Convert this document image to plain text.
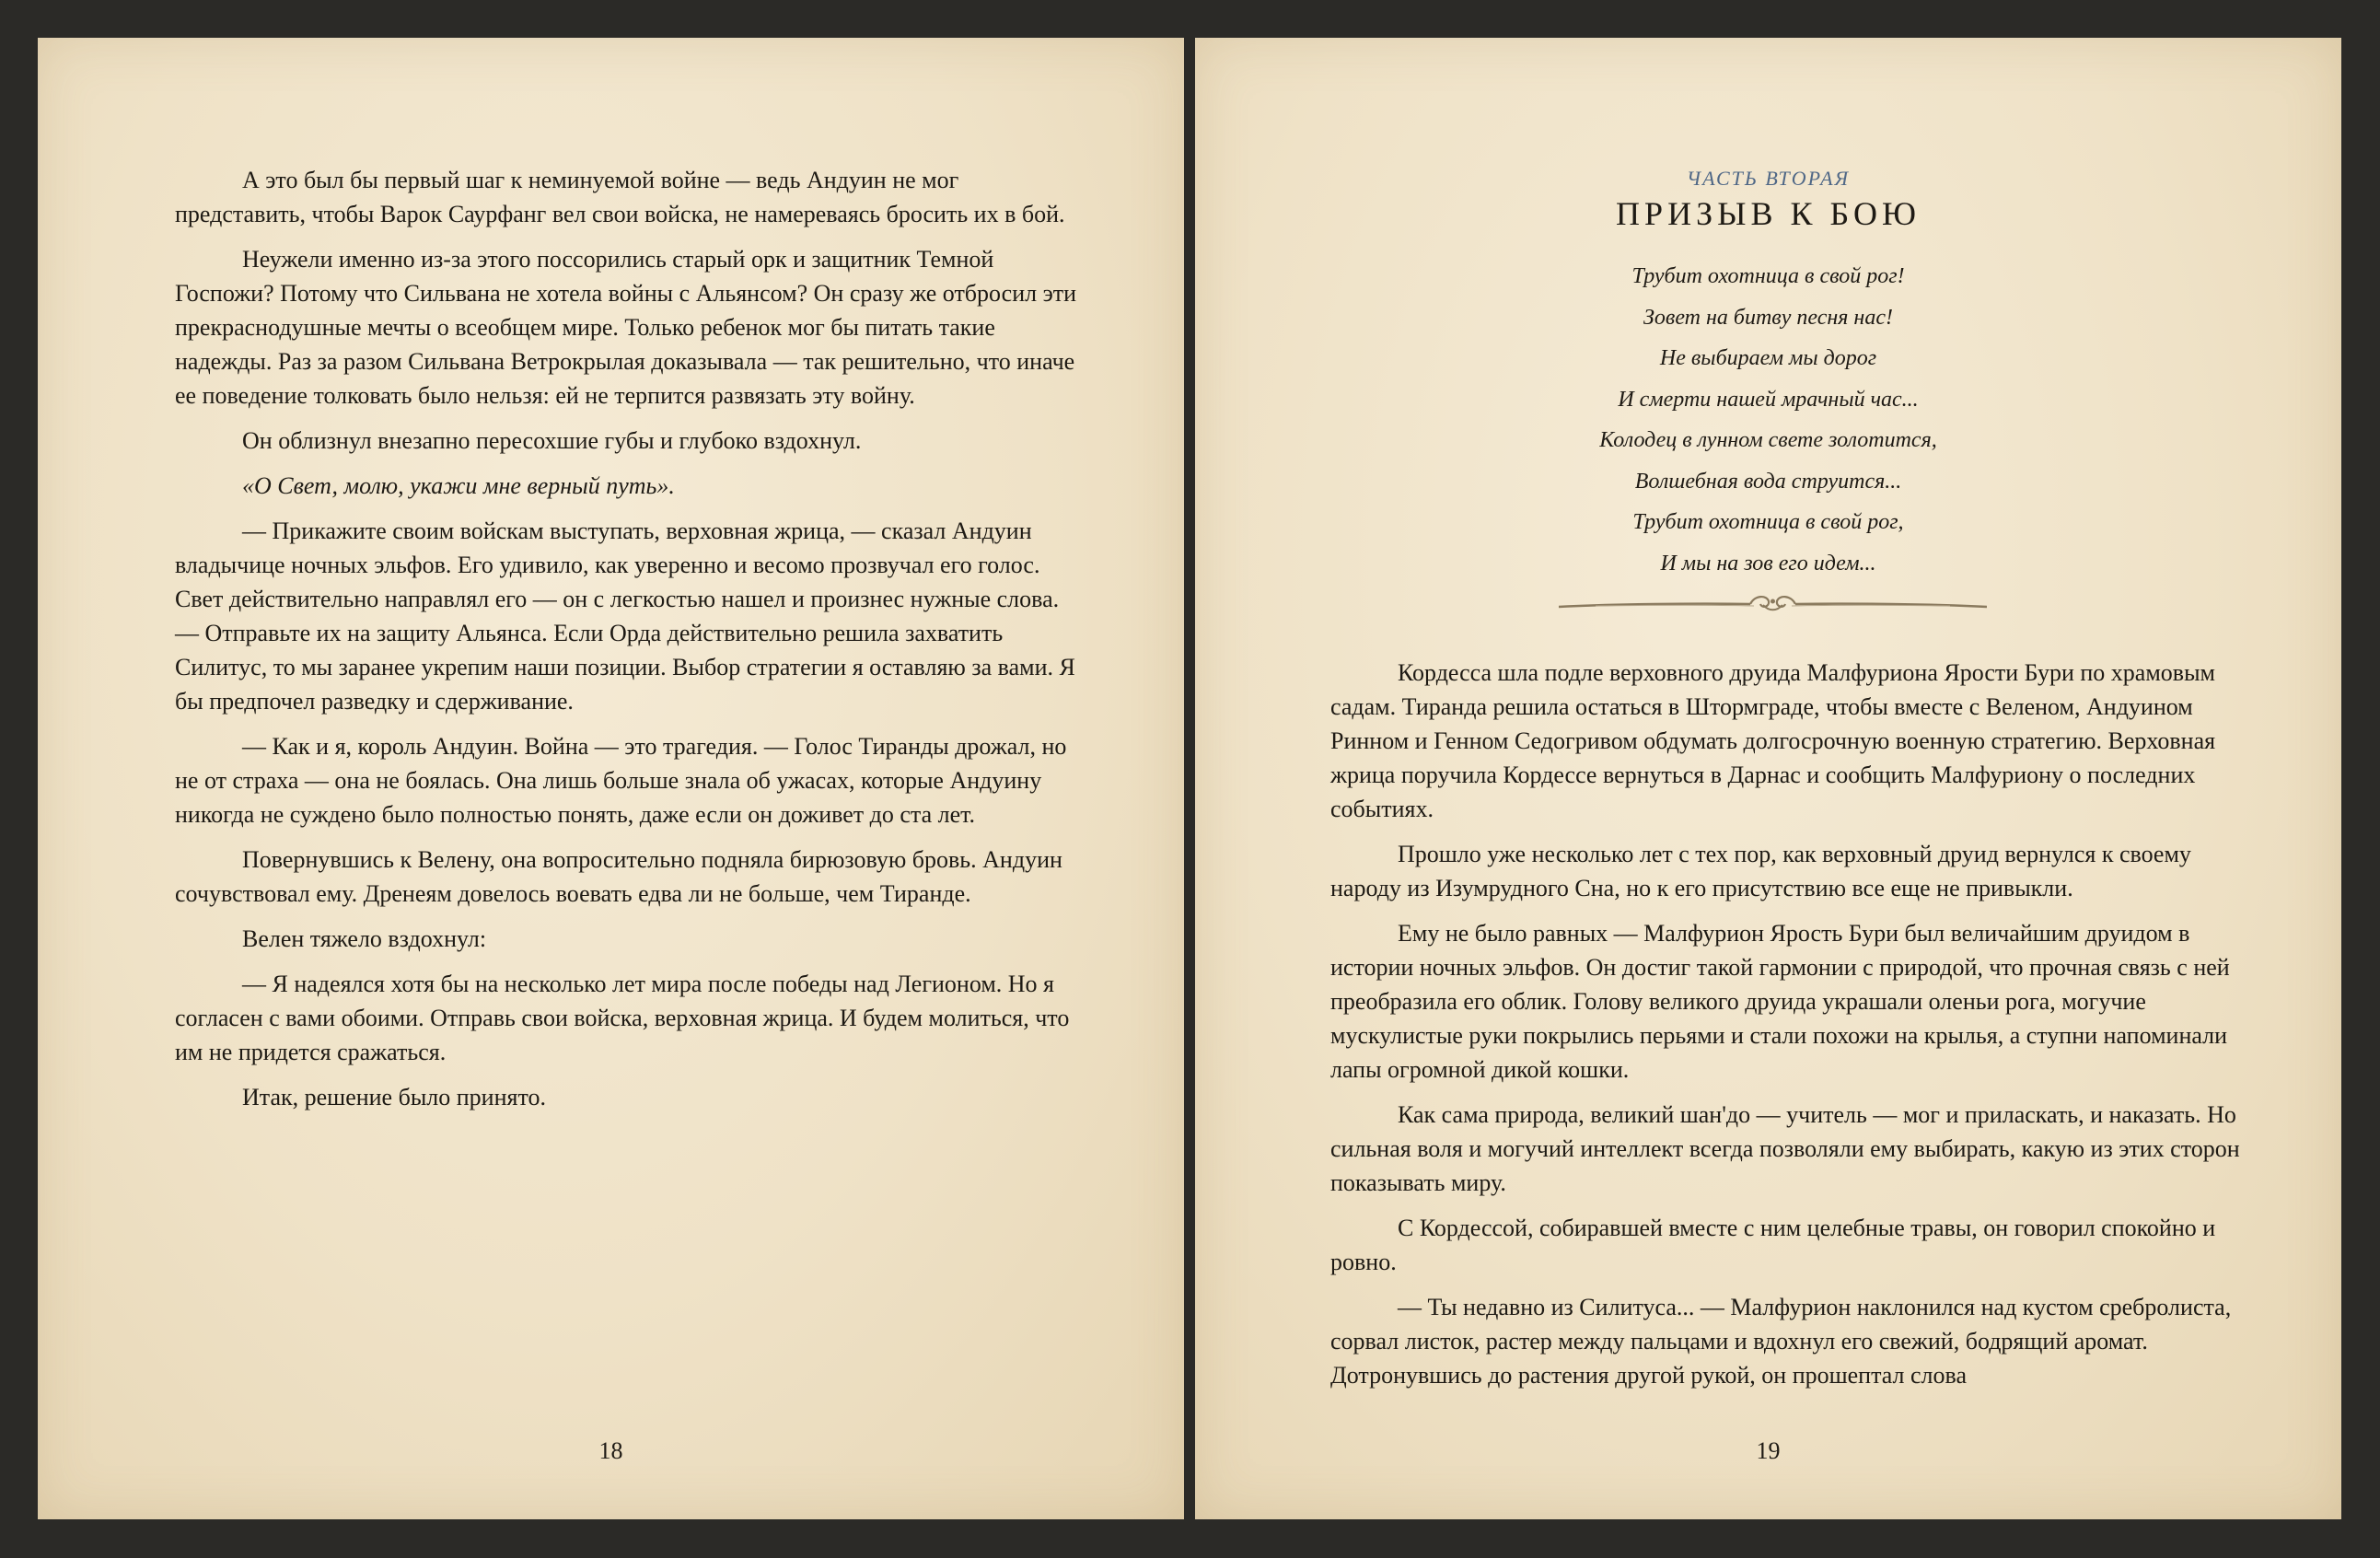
А это был бы первый шаг к неминуемой войне — ведь Андуин не мог представить, чтобы Варок Саурфанг вел свои войска, не намереваясь бросить их в бой.

Неужели именно из-за этого поссорились старый орк и защитник Темной Госпожи? Потому что Сильвана не хотела войны с Альянсом? Он сразу же отбросил эти прекраснодушные мечты о всеобщем мире. Только ребенок мог бы питать такие надежды. Раз за разом Сильвана Ветрокрылая доказывала — так решительно, что иначе ее поведение толковать было нельзя: ей не терпится развязать эту войну.

Он облизнул внезапно пересохшие губы и глубоко вздохнул.

«О Свет, молю, укажи мне верный путь».

— Прикажите своим войскам выступать, верховная жрица, — сказал Андуин владычице ночных эльфов. Его удивило, как уверенно и весомо прозвучал его голос. Свет действительно направлял его — он с легкостью нашел и произнес нужные слова. — Отправьте их на защиту Альянса. Если Орда действительно решила захватить Силитус, то мы заранее укрепим наши позиции. Выбор стратегии я оставляю за вами. Я бы предпочел разведку и сдерживание.

— Как и я, король Андуин. Война — это трагедия. — Голос Тиранды дрожал, но не от страха — она не боялась. Она лишь больше знала об ужасах, которые Андуину никогда не суждено было полностью понять, даже если он доживет до ста лет.

Повернувшись к Велену, она вопросительно подняла бирюзовую бровь. Андуин сочувствовал ему. Дренеям довелось воевать едва ли не больше, чем Тиранде.

Велен тяжело вздохнул:

— Я надеялся хотя бы на несколько лет мира после победы над Легионом. Но я согласен с вами обоими. Отправь свои войска, верховная жрица. И будем молиться, что им не придется сражаться.

Итак, решение было принято.

18
ЧАСТЬ ВТОРАЯ
ПРИЗЫВ К БОЮ
Трубит охотница в свой рог!
Зовет на битву песня нас!
Не выбираем мы дорог
И смерти нашей мрачный час...
Колодец в лунном свете золотится,
Волшебная вода струится...
Трубит охотница в свой рог,
И мы на зов его идем...

Кордесса шла подле верховного друида Малфуриона Ярости Бури по храмовым садам. Тиранда решила остаться в Штормграде, чтобы вместе с Веленом, Андуином Ринном и Генном Седогривом обдумать долгосрочную военную стратегию. Верховная жрица поручила Кордессе вернуться в Дарнас и сообщить Малфуриону о последних событиях.

Прошло уже несколько лет с тех пор, как верховный друид вернулся к своему народу из Изумрудного Сна, но к его присутствию все еще не привыкли.

Ему не было равных — Малфурион Ярость Бури был величайшим друидом в истории ночных эльфов. Он достиг такой гармонии с природой, что прочная связь с ней преобразила его облик. Голову великого друида украшали оленьи рога, могучие мускулистые руки покрылись перьями и стали похожи на крылья, а ступни напоминали лапы огромной дикой кошки.

Как сама природа, великий шан'до — учитель — мог и приласкать, и наказать. Но сильная воля и могучий интеллект всегда позволяли ему выбирать, какую из этих сторон показывать миру.

С Кордессой, собиравшей вместе с ним целебные травы, он говорил спокойно и ровно.

— Ты недавно из Силитуса... — Малфурион наклонился над кустом сребролиста, сорвал листок, растер между пальцами и вдохнул его свежий, бодрящий аромат. Дотронувшись до растения другой рукой, он прошептал слова

19
